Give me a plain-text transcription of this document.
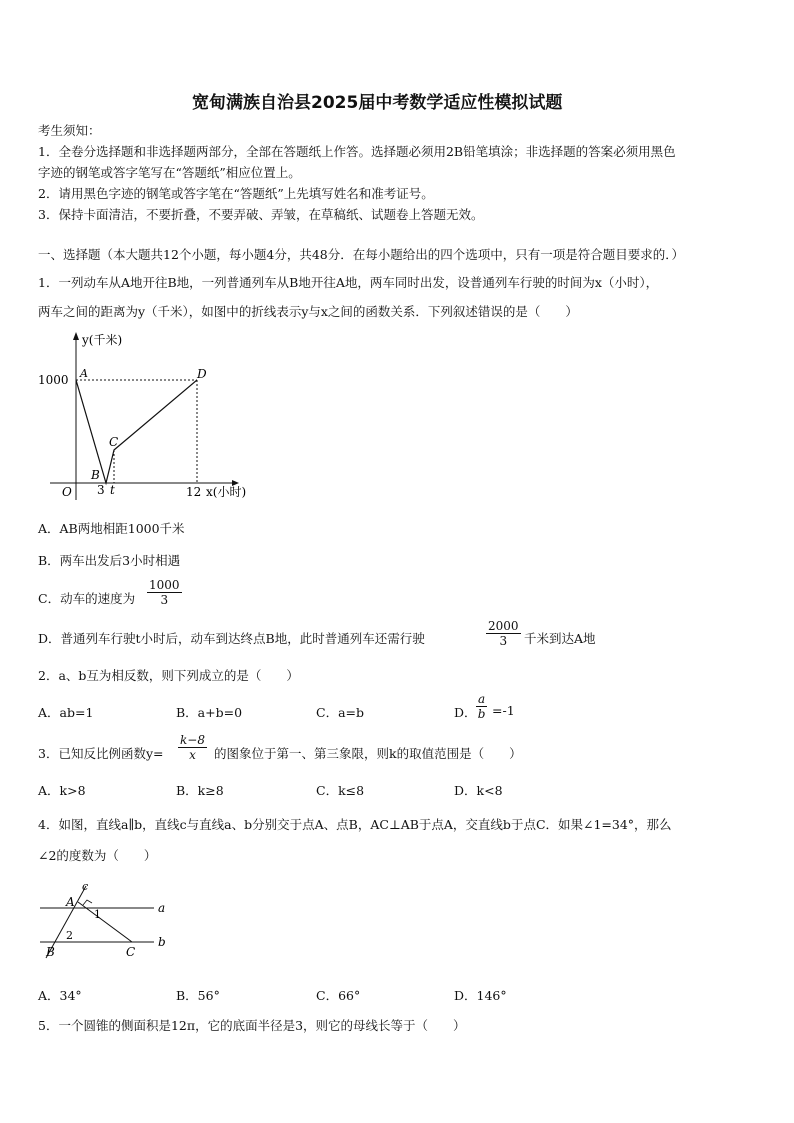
宽甸满族自治县2025届中考数学适应性模拟试题
考生须知：
1．全卷分选择题和非选择题两部分，全部在答题纸上作答。选择题必须用2B铅笔填涂；非选择题的答案必须用黑色
字迹的钢笔或答字笔写在“答题纸”相应位置上。
2．请用黑色字迹的钢笔或答字笔在“答题纸”上先填写姓名和准考证号。
3．保持卡面清洁，不要折叠，不要弄破、弄皱，在草稿纸、试题卷上答题无效。
一、选择题（本大题共12个小题，每小题4分，共48分．在每小题给出的四个选项中，只有一项是符合题目要求的．）
1．一列动车从A地开往B地，一列普通列车从B地开往A地，两车同时出发，设普通列车行驶的时间为x（小时），
两车之间的距离为y（千米），如图中的折线表示y与x之间的函数关系．下列叙述错误的是（　　）
y(千米)
1000 A	D
C
B
O 3 t	12 x(小时)
A．AB两地相距1000千米
B．两车出发后3小时相遇
C．动车的速度为 $\frac{1000}{3}$
D．普通列车行驶t小时后，动车到达终点B地，此时普通列车还需行驶	$\frac{2000}{3}$ 千米到达A地
2．a、b互为相反数，则下列成立的是（　　）
A．ab=1	B．a+b=0	C．a=b	D． $\frac{a}{b} =-1$
3．已知反比例函数$y= \frac{k-8}{x}$ 的图象位于第一、第三象限，则k的取值范围是（　　）
A．k>8	B．k≥8	C．k≤8	D．k<8
4．如图，直线a∥b，直线c与直线a、b分别交于点A、点B，AC⊥AB于点A，交直线b于点C．如果∠1=34°，那么
∠2的度数为（　　）
c
A
1	a
2	b
B	C
A．34°	B．56°	C．66°	D．146°
5．一个圆锥的侧面积是12π，它的底面半径是3，则它的母线长等于（　　）
